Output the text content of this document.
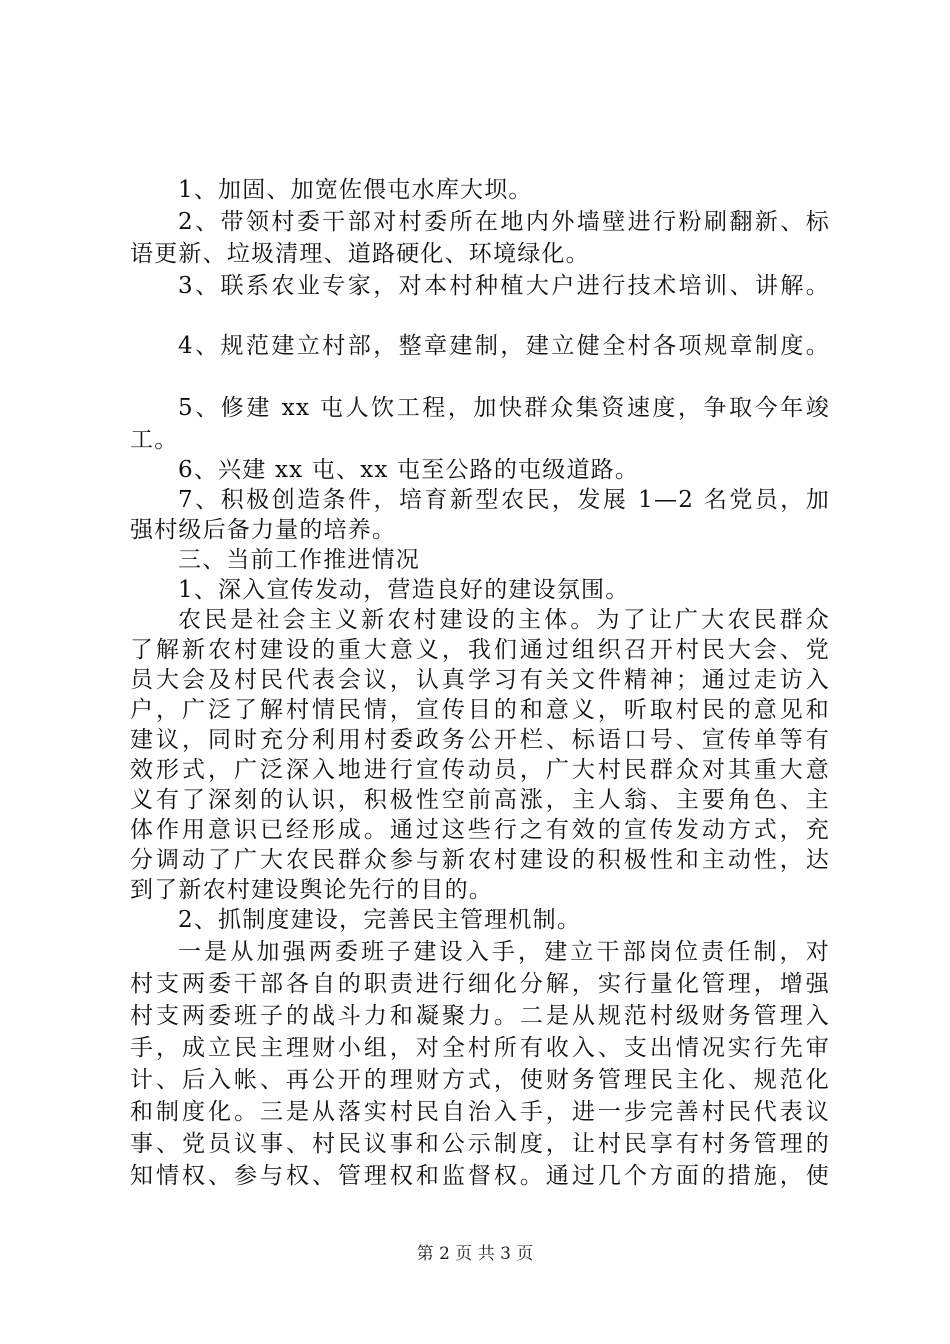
1、加固、加宽佐偎屯水库大坝。
2、带领村委干部对村委所在地内外墙壁进行粉刷翻新、标
语更新、垃圾清理、道路硬化、环境绿化。
3、联系农业专家，对本村种植大户进行技术培训、讲解。
4、规范建立村部，整章建制，建立健全村各项规章制度。
5、修建 xx 屯人饮工程，加快群众集资速度，争取今年竣
工。
6、兴建 xx 屯、xx 屯至公路的屯级道路。
7、积极创造条件，培育新型农民，发展 1—2 名党员，加
强村级后备力量的培养。
三、当前工作推进情况
1、深入宣传发动，营造良好的建设氛围。
农民是社会主义新农村建设的主体。为了让广大农民群众
了解新农村建设的重大意义，我们通过组织召开村民大会、党
员大会及村民代表会议，认真学习有关文件精神；通过走访入
户，广泛了解村情民情，宣传目的和意义，听取村民的意见和
建议，同时充分利用村委政务公开栏、标语口号、宣传单等有
效形式，广泛深入地进行宣传动员，广大村民群众对其重大意
义有了深刻的认识，积极性空前高涨，主人翁、主要角色、主
体作用意识已经形成。通过这些行之有效的宣传发动方式，充
分调动了广大农民群众参与新农村建设的积极性和主动性，达
到了新农村建设舆论先行的目的。
2、抓制度建设，完善民主管理机制。
一是从加强两委班子建设入手，建立干部岗位责任制，对
村支两委干部各自的职责进行细化分解，实行量化管理，增强
村支两委班子的战斗力和凝聚力。二是从规范村级财务管理入
手，成立民主理财小组，对全村所有收入、支出情况实行先审
计、后入帐、再公开的理财方式，使财务管理民主化、规范化
和制度化。三是从落实村民自治入手，进一步完善村民代表议
事、党员议事、村民议事和公示制度，让村民享有村务管理的
知情权、参与权、管理权和监督权。通过几个方面的措施，使
第 2 页 共 3 页
